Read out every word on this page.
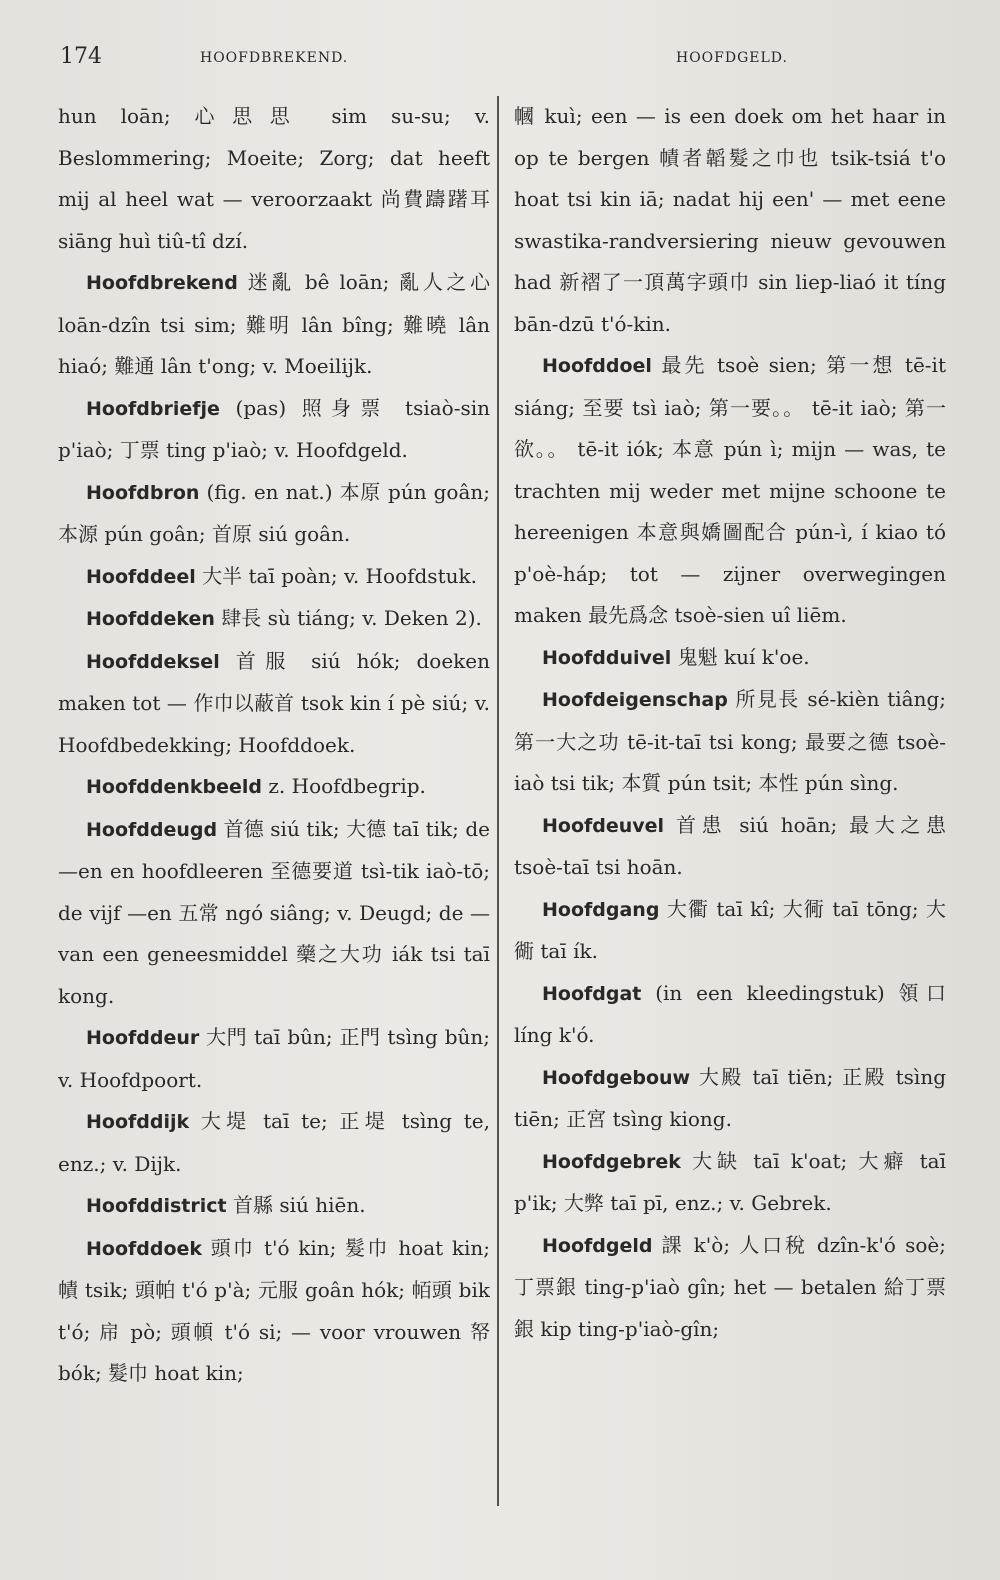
174	HOOFDBREKEND.	HOOFDGELD.

hun loān; 心思思 sim su-su; v. Beslommering; Moeite; Zorg; dat heeft mij al heel wat — veroorzaakt 尚費躊躇耳 siāng huì tiû-tî dzí.

Hoofdbrekend 迷亂 bê loān; 亂人之心 loān-dzîn tsi sim; 難明 lân bîng; 難曉 lân hiaó; 難通 lân t'ong; v. Moeilijk.

Hoofdbriefje (pas) 照身票 tsiaò-sin p'iaò; 丁票 ting p'iaò; v. Hoofdgeld.

Hoofdbron (fig. en nat.) 本原 pún goân; 本源 pún goân; 首原 siú goân.

Hoofddeel 大半 taī poàn; v. Hoofdstuk.

Hoofddeken 肆長 sù tiáng; v. Deken 2).

Hoofddeksel 首服 siú hók; doeken maken tot — 作巾以蔽首 tsok kin í pè siú; v. Hoofdbedekking; Hoofddoek.

Hoofddenkbeeld z. Hoofdbegrip.

Hoofddeugd 首德 siú tik; 大德 taī tik; de —en en hoofdleeren 至德要道 tsì-tik iaò-tō; de vijf —en 五常 ngó siâng; v. Deugd; de — van een geneesmiddel 藥之大功 iák tsi taī kong.

Hoofddeur 大門 taī bûn; 正門 tsìng bûn; v. Hoofdpoort.

Hoofddijk 大堤 taī te; 正堤 tsìng te, enz.; v. Dijk.

Hoofddistrict 首縣 siú hiēn.

Hoofddoek 頭巾 t'ó kin; 髮巾 hoat kin; 幘 tsik; 頭帕 t'ó p'à; 元服 goân hók; 帞頭 bik t'ó; 帍 pò; 頭幁 t'ó si; — voor vrouwen 帑 bók; 髮巾 hoat kin;

幗 kuì; een — is een doek om het haar in op te bergen 幘者韜髮之巾也 tsik-tsiá t'o hoat tsi kin iā; nadat hij een' — met eene swastika-randversiering nieuw gevouwen had 新褶了一頂萬字頭巾 sin liep-liaó it tíng bān-dzū t'ó-kin.

Hoofddoel 最先 tsoè sien; 第一想 tē-it siáng; 至要 tsì iaò; 第一要。。 tē-it iaò; 第一欲。。 tē-it iók; 本意 pún ì; mijn — was, te trachten mij weder met mijne schoone te hereenigen 本意與嬌圖配合 pún-ì, í kiao tó p'oè-háp; tot — zijner overwegingen maken 最先爲念 tsoè-sien uî liēm.

Hoofdduivel 鬼魁 kuí k'oe.

Hoofdeigenschap 所見長 sé-kièn tiâng; 第一大之功 tē-it-taī tsi kong; 最要之德 tsoè-iaò tsi tik; 本質 pún tsit; 本性 pún sìng.

Hoofdeuvel 首患 siú hoān; 最大之患 tsoè-taī tsi hoān.

Hoofdgang 大衢 taī kî; 大衕 taī tōng; 大衚 taī ík.

Hoofdgat (in een kleedingstuk) 領口 líng k'ó.

Hoofdgebouw 大殿 taī tiēn; 正殿 tsìng tiēn; 正宮 tsìng kiong.

Hoofdgebrek 大缺 taī k'oat; 大癖 taī p'ik; 大弊 taī pī, enz.; v. Gebrek.

Hoofdgeld 課 k'ò; 人口稅 dzîn-k'ó soè; 丁票銀 ting-p'iaò gîn; het — betalen 給丁票銀 kip ting-p'iaò-gîn;
